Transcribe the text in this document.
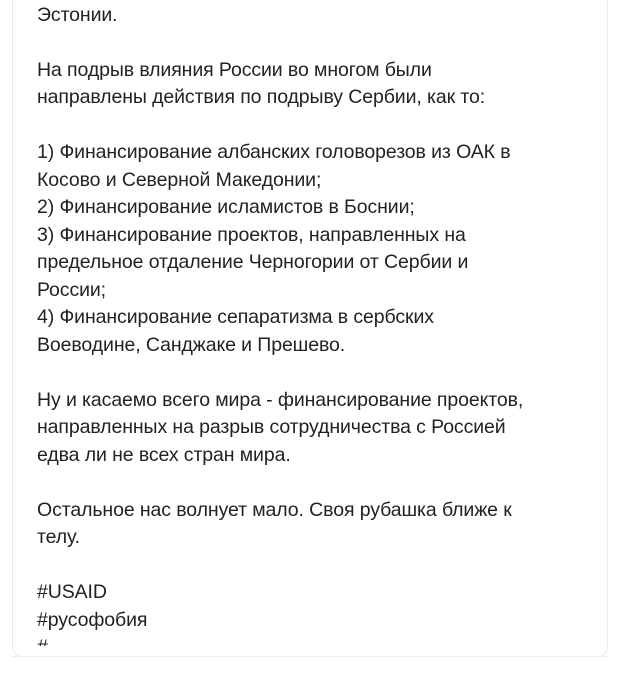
Эстонии.
На подрыв влияния России во многом были
направлены действия по подрыву Сербии, как то:
1) Финансирование албанских головорезов из ОАК в
Косово и Северной Македонии;
2) Финансирование исламистов в Боснии;
3) Финансирование проектов, направленных на
предельное отдаление Черногории от Сербии и
России;
4) Финансирование сепаратизма в сербских
Воеводине, Санджаке и Прешево.
Ну и касаемо всего мира - финансирование проектов,
направленных на разрыв сотрудничества с Россией
едва ли не всех стран мира.
Остальное нас волнует мало. Своя рубашка ближе к
телу.
#USAID
#русофобия
